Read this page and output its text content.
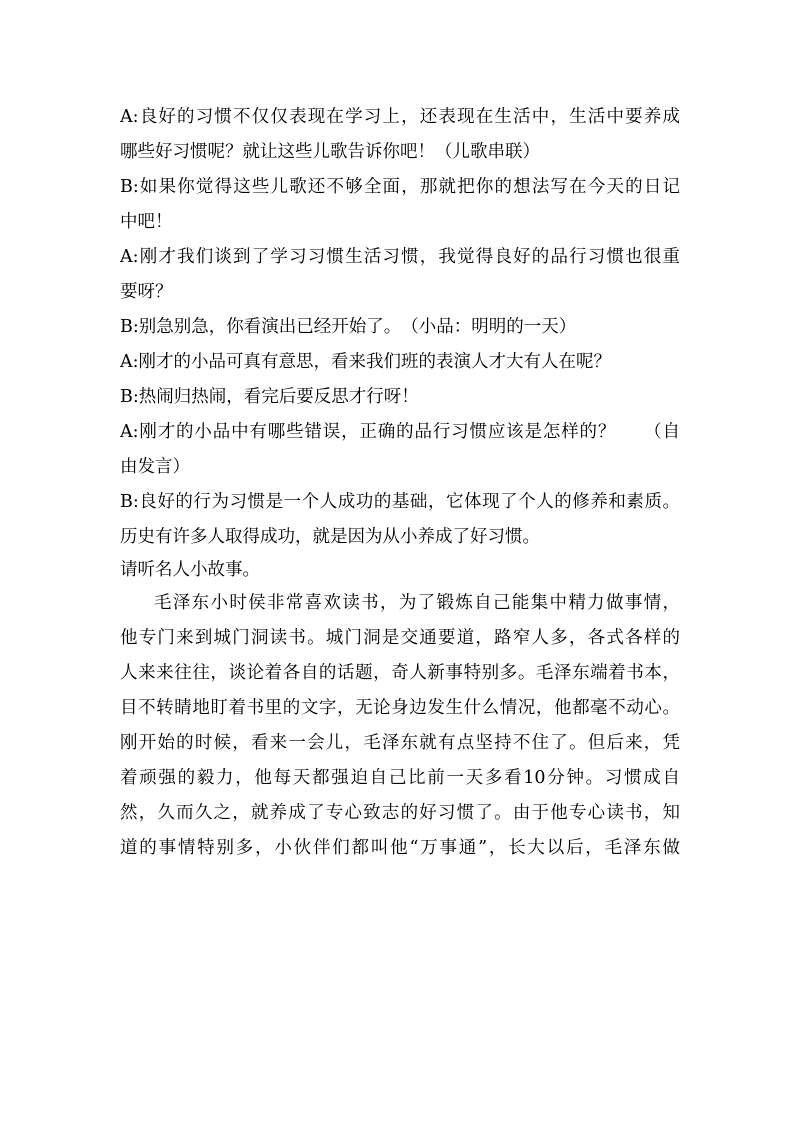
A:良好的习惯不仅仅表现在学习上，还表现在生活中，生活中要养成
哪些好习惯呢？就让这些儿歌告诉你吧！（儿歌串联）
B:如果你觉得这些儿歌还不够全面，那就把你的想法写在今天的日记
中吧！
A:刚才我们谈到了学习习惯生活习惯，我觉得良好的品行习惯也很重
要呀？
B:别急别急，你看演出已经开始了。　（小品：明明的一天）
A:刚才的小品可真有意思，看来我们班的表演人才大有人在呢？
B:热闹归热闹，看完后要反思才行呀！
A:刚才的小品中有哪些错误，正确的品行习惯应该是怎样的？　　（自
由发言）
B:良好的行为习惯是一个人成功的基础，它体现了个人的修养和素质。
历史有许多人取得成功，就是因为从小养成了好习惯。
请听名人小故事。
毛泽东小时侯非常喜欢读书，为了锻炼自己能集中精力做事情，
他专门来到城门洞读书。城门洞是交通要道，路窄人多，各式各样的
人来来往往，谈论着各自的话题，奇人新事特别多。毛泽东端着书本，
目不转睛地盯着书里的文字，无论身边发生什么情况，他都毫不动心。
刚开始的时候，看来一会儿，毛泽东就有点坚持不住了。但后来，凭
着顽强的毅力，他每天都强迫自己比前一天多看10分钟。习惯成自
然，久而久之，就养成了专心致志的好习惯了。由于他专心读书，知
道的事情特别多，小伙伴们都叫他“万事通”，长大以后，毛泽东做
